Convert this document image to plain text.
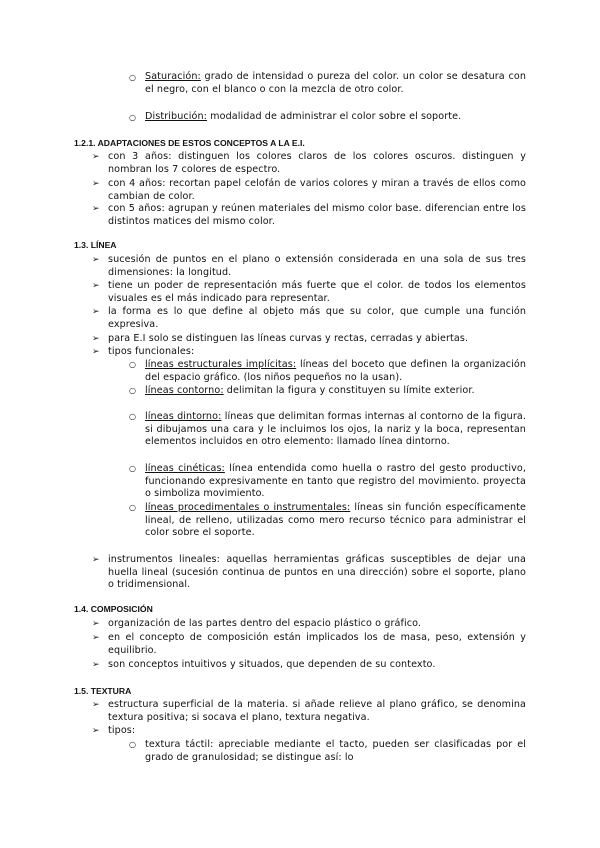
○ Saturación: grado de intensidad o pureza del color. un color se desatura con el negro, con el blanco o con la mezcla de otro color.
○ Distribución: modalidad de administrar el color sobre el soporte.
1.2.1. ADAPTACIONES DE ESTOS CONCEPTOS A LA E.I.
➢ con 3 años: distinguen los colores claros de los colores oscuros. distinguen y nombran los 7 colores de espectro.
➢ con 4 años: recortan papel celofán de varios colores y miran a través de ellos como cambian de color.
➢ con 5 años: agrupan y reúnen materiales del mismo color base. diferencian entre los distintos matices del mismo color.
1.3. LÍNEA
➢ sucesión de puntos en el plano o extensión considerada en una sola de sus tres dimensiones: la longitud.
➢ tiene un poder de representación más fuerte que el color. de todos los elementos visuales es el más indicado para representar.
➢ la forma es lo que define al objeto más que su color, que cumple una función expresiva.
➢ para E.I solo se distinguen las líneas curvas y rectas, cerradas y abiertas.
➢ tipos funcionales:
○ líneas estructurales implícitas: líneas del boceto que definen la organización del espacio gráfico. (los niños pequeños no la usan).
○ líneas contorno: delimitan la figura y constituyen su límite exterior.
○ líneas dintorno: líneas que delimitan formas internas al contorno de la figura. si dibujamos una cara y le incluimos los ojos, la nariz y la boca, representan elementos incluidos en otro elemento: llamado línea dintorno.
○ líneas cinéticas: línea entendida como huella o rastro del gesto productivo, funcionando expresivamente en tanto que registro del movimiento. proyecta o simboliza movimiento.
○ líneas procedimentales o instrumentales: líneas sin función específicamente lineal, de relleno, utilizadas como mero recurso técnico para administrar el color sobre el soporte.
➢ instrumentos lineales: aquellas herramientas gráficas susceptibles de dejar una huella lineal (sucesión continua de puntos en una dirección) sobre el soporte, plano o tridimensional.
1.4. COMPOSICIÓN
➢ organización de las partes dentro del espacio plástico o gráfico.
➢ en el concepto de composición están implicados los de masa, peso, extensión y equilibrio.
➢ son conceptos intuitivos y situados, que dependen de su contexto.
1.5. TEXTURA
➢ estructura superficial de la materia. si añade relieve al plano gráfico, se denomina textura positiva; si socava el plano, textura negativa.
➢ tipos:
○ textura táctil: apreciable mediante el tacto, pueden ser clasificadas por el grado de granulosidad; se distingue así: lo
